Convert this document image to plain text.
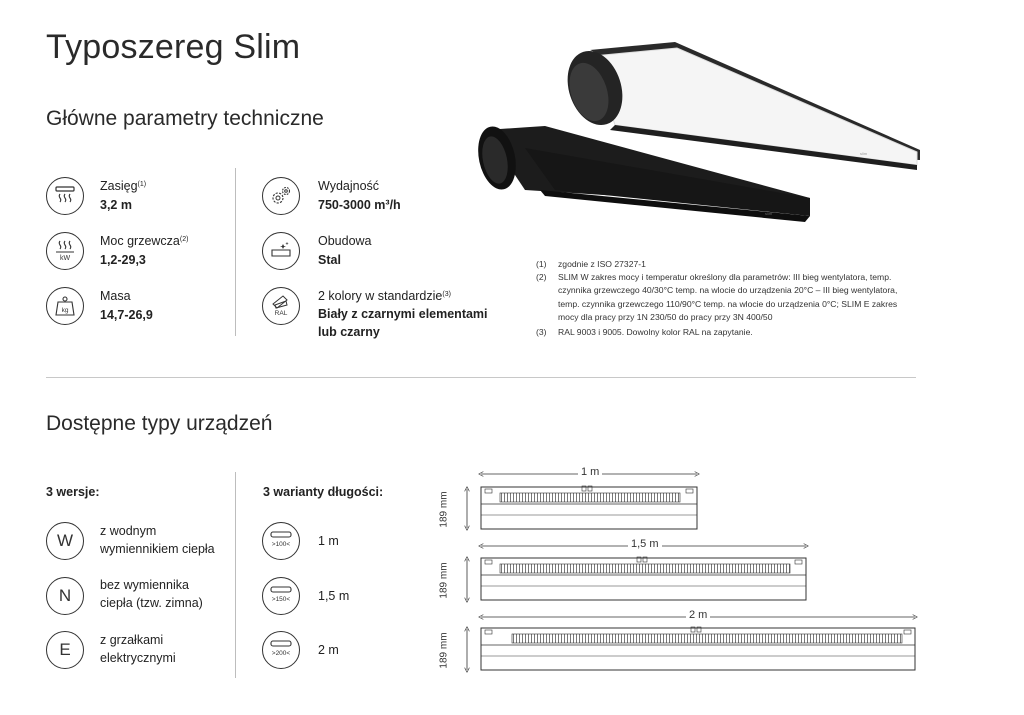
Typoszereg Slim
Główne parametry techniczne
slim
slim
Zasięg$^{(1)}$
3,2 m
kW
Moc grzewcza$^{(2)}$
1,2-29,3
kg
Masa
14,7-26,9
Wydajność
750-3000 m³/h
Obudowa
Stal
RAL
2 kolory w standardzie$^{(3)}$
Biały z czarnymi elementami
lub czarny
(1) zgodnie z ISO 27327-1
(2) SLIM W zakres mocy i temperatur określony dla parametrów: III bieg wentylatora, temp. czynnika grzewczego 40/30°C temp. na wlocie do urządzenia 20°C – III bieg wentylatora, temp. czynnika grzewczego 110/90°C temp. na wlocie do urządzenia 0°C; SLIM E zakres mocy dla pracy przy 1N 230/50 do pracy przy 3N 400/50
(3) RAL 9003 i 9005. Dowolny kolor RAL na zapytanie.
Dostępne typy urządzeń
3 wersje:	3 warianty długości:
W	z wodnym
wymiennikiem ciepła
N
bez wymiennika
ciepła (tzw. zimna)
E	z grzałkami
elektrycznymi
>100< 1 m
>150< 1,5 m
>200< 2 m
1 m
1,5 m
2 m
189 mm
189 mm
189 mm
